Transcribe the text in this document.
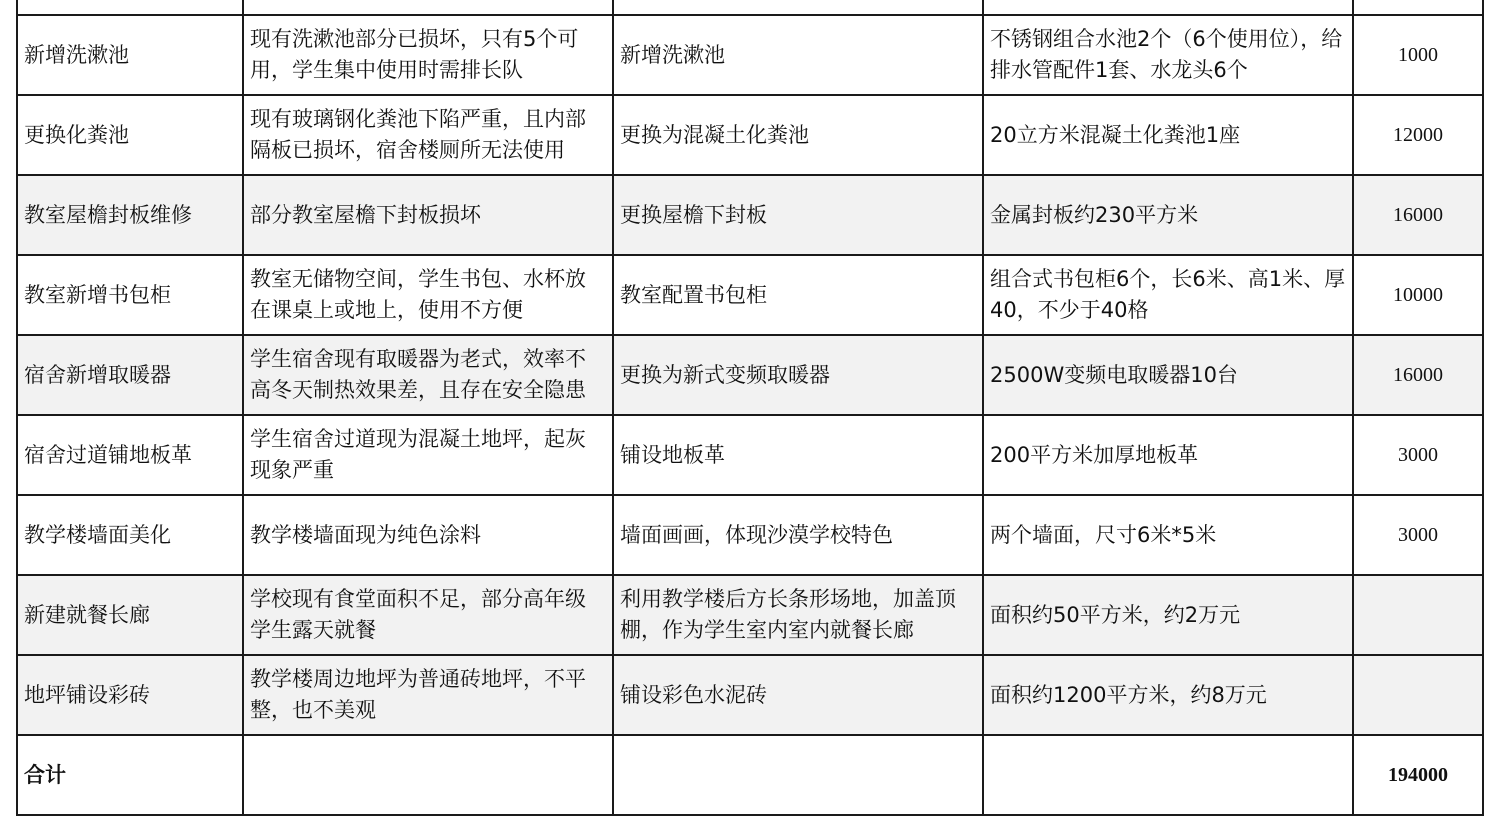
新增洗漱池	现有洗漱池部分已损坏，只有5个可用，学生集中使用时需排长队	新增洗漱池	不锈钢组合水池2个（6个使用位），给排水管配件1套、水龙头6个	1000
更换化粪池	现有玻璃钢化粪池下陷严重，且内部隔板已损坏，宿舍楼厕所无法使用	更换为混凝土化粪池	20立方米混凝土化粪池1座	12000
教室屋檐封板维修	部分教室屋檐下封板损坏	更换屋檐下封板	金属封板约230平方米	16000
教室新增书包柜	教室无储物空间，学生书包、水杯放在课桌上或地上，使用不方便	教室配置书包柜	组合式书包柜6个，长6米、高1米、厚40，不少于40格	10000
宿舍新增取暖器	学生宿舍现有取暖器为老式，效率不高冬天制热效果差，且存在安全隐患	更换为新式变频取暖器	2500W变频电取暖器10台	16000
宿舍过道铺地板革	学生宿舍过道现为混凝土地坪，起灰现象严重	铺设地板革	200平方米加厚地板革	3000
教学楼墙面美化	教学楼墙面现为纯色涂料	墙面画画，体现沙漠学校特色	两个墙面，尺寸6米*5米	3000
新建就餐长廊	学校现有食堂面积不足，部分高年级学生露天就餐	利用教学楼后方长条形场地，加盖顶棚，作为学生室内室内就餐长廊	面积约50平方米，约2万元	
地坪铺设彩砖	教学楼周边地坪为普通砖地坪，不平整，也不美观	铺设彩色水泥砖	面积约1200平方米，约8万元	
合计				194000
